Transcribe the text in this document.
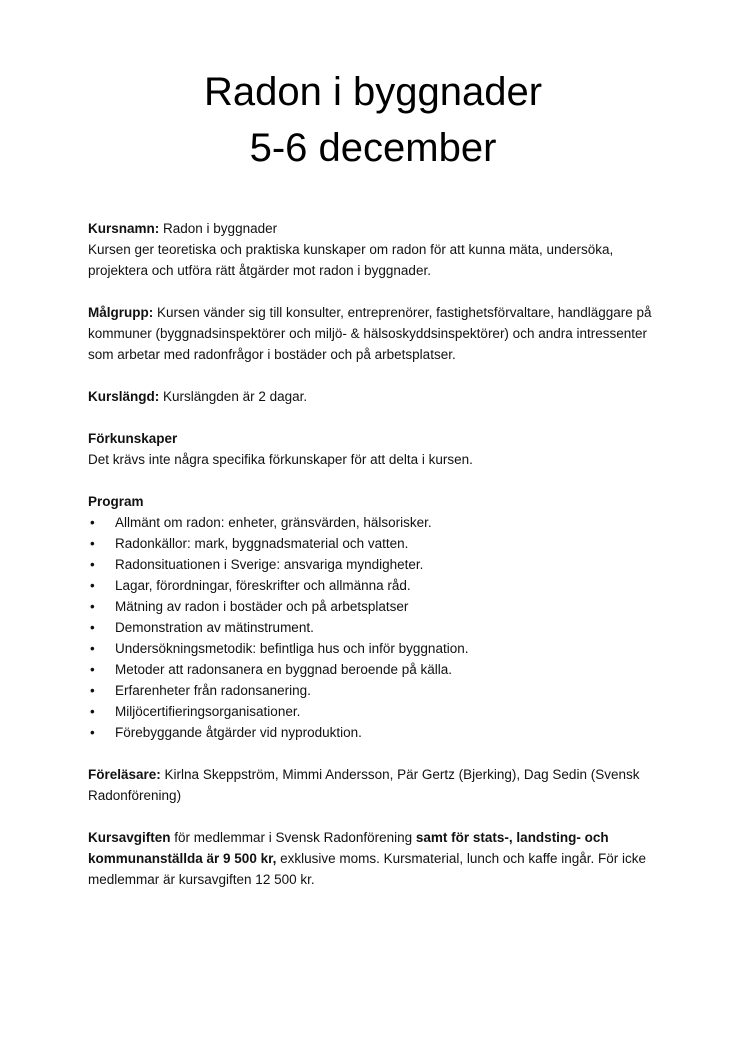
Radon i byggnader
5-6 december

Kursnamn: Radon i byggnader

Kursen ger teoretiska och praktiska kunskaper om radon för att kunna mäta, undersöka, projektera och utföra rätt åtgärder mot radon i byggnader.

Målgrupp: Kursen vänder sig till konsulter, entreprenörer, fastighetsförvaltare, handläggare på kommuner (byggnadsinspektörer och miljö- & hälsoskyddsinspektörer) och andra intressenter som arbetar med radonfrågor i bostäder och på arbetsplatser.

Kurslängd: Kurslängden är 2 dagar.

Förkunskaper

Det krävs inte några specifika förkunskaper för att delta i kursen.

Program

• Allmänt om radon: enheter, gränsvärden, hälsorisker.
• Radonkällor: mark, byggnadsmaterial och vatten.
• Radonsituationen i Sverige: ansvariga myndigheter.
• Lagar, förordningar, föreskrifter och allmänna råd.
• Mätning av radon i bostäder och på arbetsplatser
• Demonstration av mätinstrument.
• Undersökningsmetodik: befintliga hus och inför byggnation.
• Metoder att radonsanera en byggnad beroende på källa.
• Erfarenheter från radonsanering.
• Miljöcertifieringsorganisationer.
• Förebyggande åtgärder vid nyproduktion.

Föreläsare: Kirlna Skeppström, Mimmi Andersson, Pär Gertz (Bjerking), Dag Sedin (Svensk Radonförening)

Kursavgiften för medlemmar i Svensk Radonförening samt för stats-, landsting- och kommunanställda är 9 500 kr, exklusive moms. Kursmaterial, lunch och kaffe ingår. För icke medlemmar är kursavgiften 12 500 kr.
